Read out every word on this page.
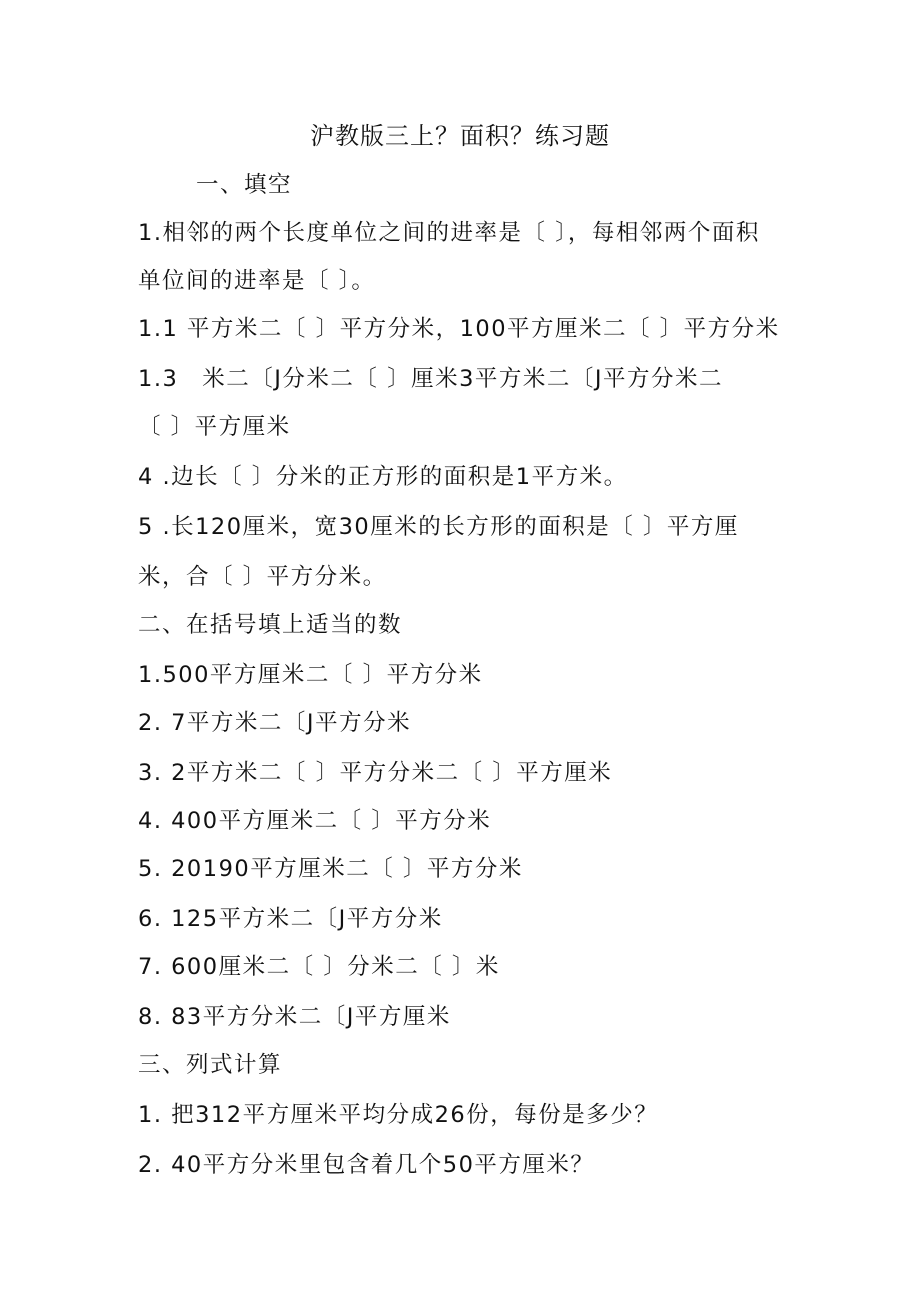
沪教版三上？面积？练习题
一、填空
1.相邻的两个长度单位之间的进率是〔 〕，每相邻两个面积
单位间的进率是〔 〕。
1.1 平方米二〔 〕平方分米，100平方厘米二〔 〕平方分米
1.3　米二〔J分米二〔 〕厘米3平方米二〔J平方分米二
〔 〕平方厘米
4 .边长〔 〕分米的正方形的面积是1平方米。
5 .长120厘米，宽30厘米的长方形的面积是〔 〕平方厘
米，合〔 〕平方分米。
二、在括号填上适当的数
1.500平方厘米二〔 〕平方分米
2. 7平方米二〔J平方分米
3. 2平方米二〔 〕平方分米二〔 〕平方厘米
4. 400平方厘米二〔 〕平方分米
5. 20190平方厘米二〔 〕平方分米
6. 125平方米二〔J平方分米
7. 600厘米二〔 〕分米二〔 〕米
8. 83平方分米二〔J平方厘米
三、列式计算
1. 把312平方厘米平均分成26份，每份是多少？
2. 40平方分米里包含着几个50平方厘米？
